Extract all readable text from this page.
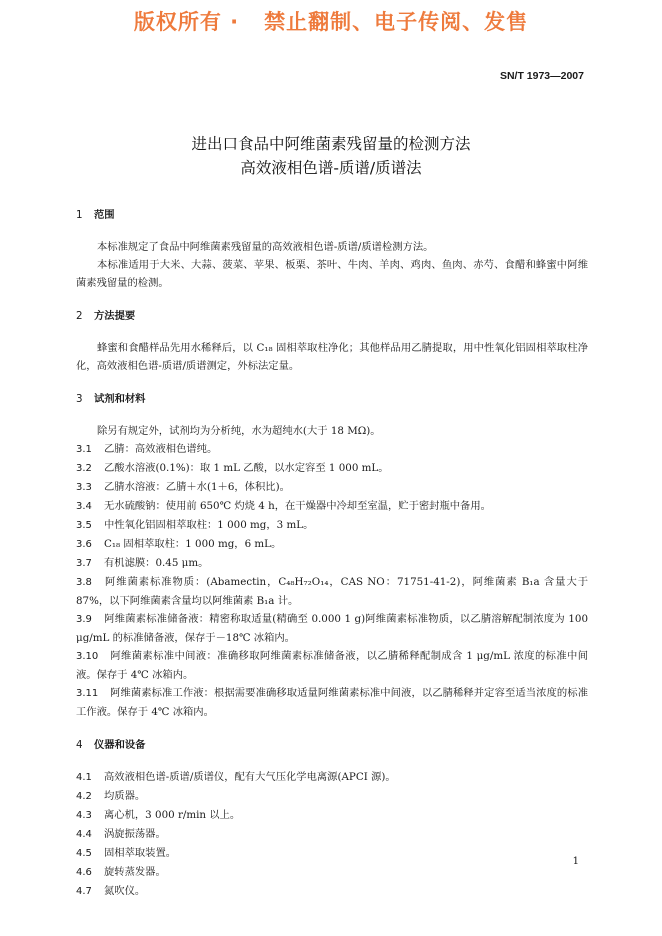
版权所有 ·   禁止翻制、电子传阅、发售
SN/T 1973—2007
进出口食品中阿维菌素残留量的检测方法
高效液相色谱-质谱/质谱法

1 范围

本标准规定了食品中阿维菌素残留量的高效液相色谱-质谱/质谱检测方法。

本标准适用于大米、大蒜、菠菜、苹果、板栗、茶叶、牛肉、羊肉、鸡肉、鱼肉、赤芍、食醋和蜂蜜中阿维菌素残留量的检测。

2 方法提要

蜂蜜和食醋样品先用水稀释后，以 C₁₈ 固相萃取柱净化；其他样品用乙腈提取，用中性氧化铝固相萃取柱净化，高效液相色谱-质谱/质谱测定，外标法定量。

3 试剂和材料

除另有规定外，试剂均为分析纯，水为超纯水(大于 18 MΩ)。

3.1 乙腈：高效液相色谱纯。

3.2 乙酸水溶液(0.1%)：取 1 mL 乙酸，以水定容至 1 000 mL。

3.3 乙腈水溶液：乙腈＋水(1＋6，体积比)。

3.4 无水硫酸钠：使用前 650℃ 灼烧 4 h，在干燥器中冷却至室温，贮于密封瓶中备用。

3.5 中性氧化铝固相萃取柱：1 000 mg，3 mL。

3.6 C₁₈ 固相萃取柱：1 000 mg，6 mL。

3.7 有机滤膜：0.45 μm。

3.8 阿维菌素标准物质：(Abamectin，C₄₈H₇₂O₁₄，CAS NO：71751-41-2)，阿维菌素 B₁a 含量大于 87%，以下阿维菌素含量均以阿维菌素 B₁a 计。

3.9 阿维菌素标准储备液：精密称取适量(精确至 0.000 1 g)阿维菌素标准物质，以乙腈溶解配制浓度为 100 μg/mL 的标准储备液，保存于－18℃ 冰箱内。

3.10 阿维菌素标准中间液：准确移取阿维菌素标准储备液，以乙腈稀释配制成含 1 μg/mL 浓度的标准中间液。保存于 4℃ 冰箱内。

3.11 阿维菌素标准工作液：根据需要准确移取适量阿维菌素标准中间液，以乙腈稀释并定容至适当浓度的标准工作液。保存于 4℃ 冰箱内。

4 仪器和设备

4.1 高效液相色谱-质谱/质谱仪，配有大气压化学电离源(APCI 源)。

4.2 均质器。

4.3 离心机，3 000 r/min 以上。

4.4 涡旋振荡器。

4.5 固相萃取装置。

4.6 旋转蒸发器。

4.7 氮吹仪。

1
